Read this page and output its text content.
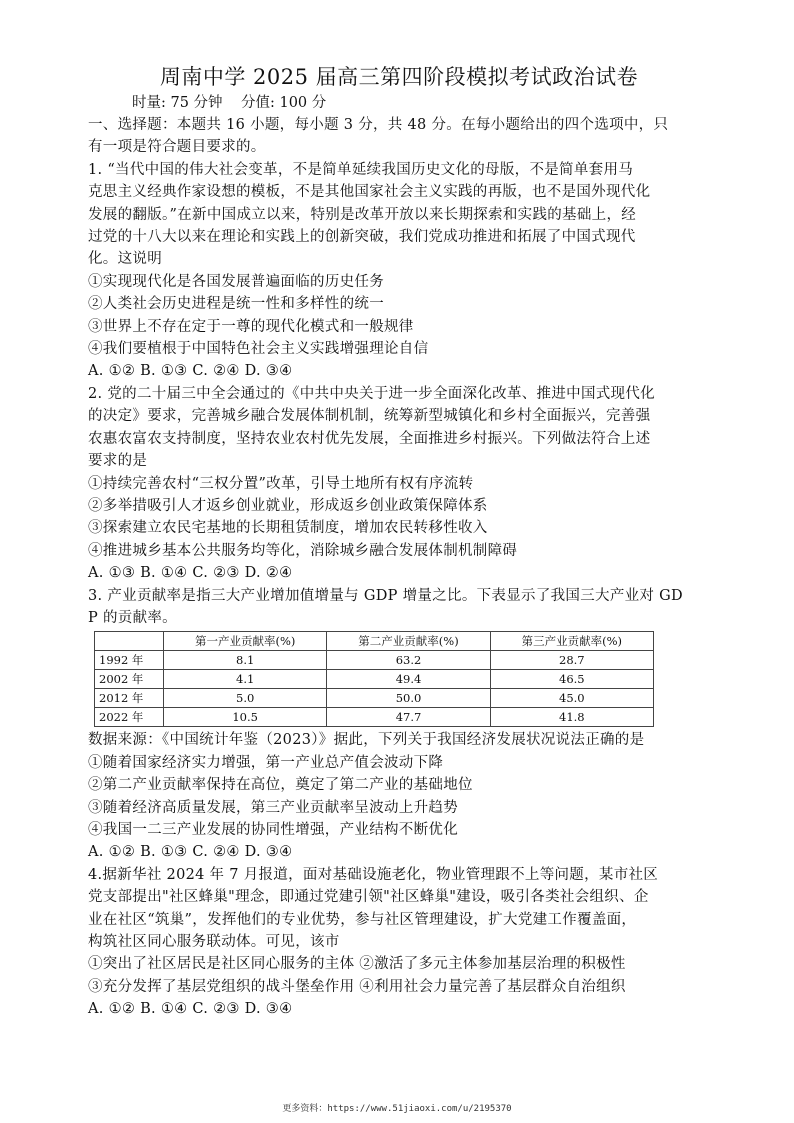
周南中学 2025 届高三第四阶段模拟考试政治试卷
时量: 75 分钟    分值: 100 分

一、选择题：本题共 16 小题，每小题 3 分，共 48 分。在每小题给出的四个选项中，只

有一项是符合题目要求的。

1. “当代中国的伟大社会变革，不是简单延续我国历史文化的母版，不是简单套用马

克思主义经典作家设想的模板，不是其他国家社会主义实践的再版，也不是国外现代化

发展的翻版。”在新中国成立以来，特别是改革开放以来长期探索和实践的基础上，经

过党的十八大以来在理论和实践上的创新突破，我们党成功推进和拓展了中国式现代

化。这说明

①实现现代化是各国发展普遍面临的历史任务

②人类社会历史进程是统一性和多样性的统一

③世界上不存在定于一尊的现代化模式和一般规律

④我们要植根于中国特色社会主义实践增强理论自信

A. ①② B. ①③ C. ②④ D. ③④

2. 党的二十届三中全会通过的《中共中央关于进一步全面深化改革、推进中国式现代化

的决定》要求，完善城乡融合发展体制机制，统筹新型城镇化和乡村全面振兴，完善强

农惠农富农支持制度，坚持农业农村优先发展，全面推进乡村振兴。下列做法符合上述

要求的是

①持续完善农村“三权分置”改革，引导土地所有权有序流转

②多举措吸引人才返乡创业就业，形成返乡创业政策保障体系

③探索建立农民宅基地的长期租赁制度，增加农民转移性收入

④推进城乡基本公共服务均等化，消除城乡融合发展体制机制障碍

A. ①③ B. ①④ C. ②③ D. ②④

3. 产业贡献率是指三大产业增加值增量与 GDP 增量之比。下表显示了我国三大产业对 GD

P 的贡献率。

	第一产业贡献率(%)	第二产业贡献率(%)	第三产业贡献率(%)
1992 年	8.1	63.2	28.7
2002 年	4.1	49.4	46.5
2012 年	5.0	50.0	45.0
2022 年	10.5	47.7	41.8

数据来源：《中国统计年鉴（2023）》据此，下列关于我国经济发展状况说法正确的是

①随着国家经济实力增强，第一产业总产值会波动下降

②第二产业贡献率保持在高位，奠定了第二产业的基础地位

③随着经济高质量发展，第三产业贡献率呈波动上升趋势

④我国一二三产业发展的协同性增强，产业结构不断优化

A. ①② B. ①③ C. ②④ D. ③④

4.据新华社 2024 年 7 月报道，面对基础设施老化，物业管理跟不上等问题，某市社区

党支部提出"社区蜂巢"理念，即通过党建引领"社区蜂巢"建设，吸引各类社会组织、企

业在社区“筑巢”，发挥他们的专业优势，参与社区管理建设，扩大党建工作覆盖面，

构筑社区同心服务联动体。可见，该市

①突出了社区居民是社区同心服务的主体 ②激活了多元主体参加基层治理的积极性

③充分发挥了基层党组织的战斗堡垒作用 ④利用社会力量完善了基层群众自治组织

A. ①② B. ①④ C. ②③ D. ③④

更多资料：https://www.51jiaoxi.com/u/2195370
